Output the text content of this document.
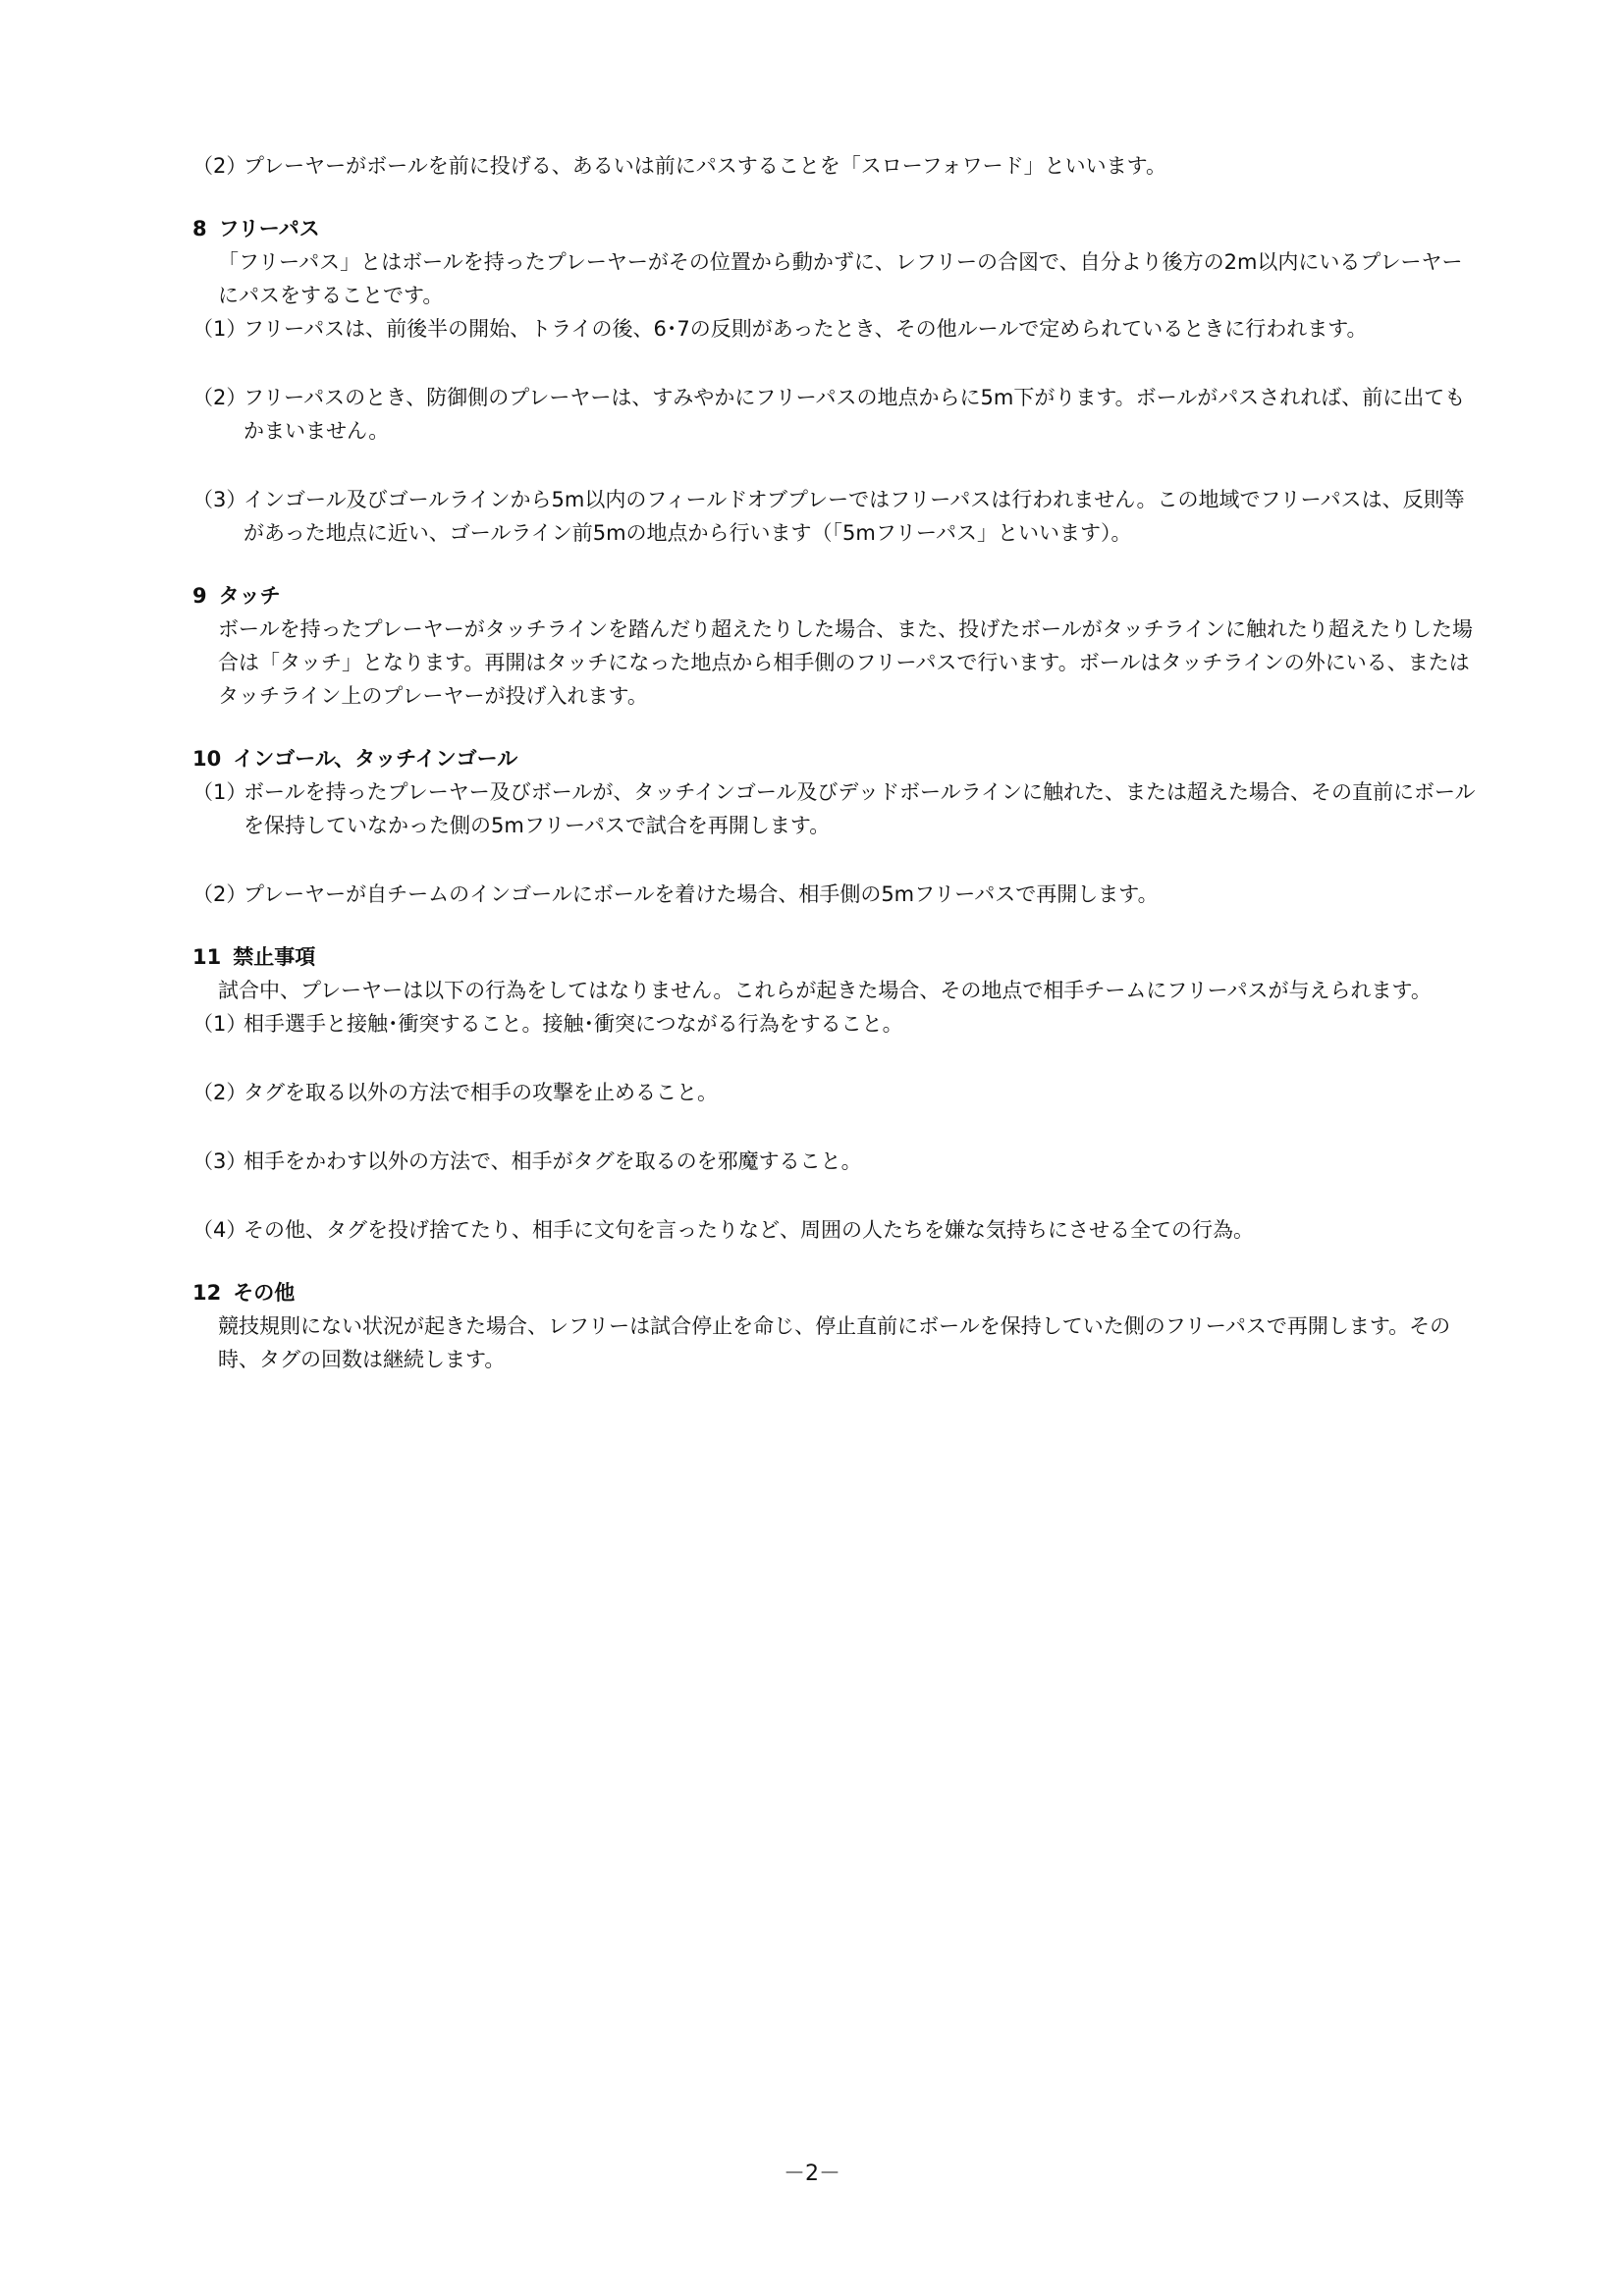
（2）
プレーヤーがボールを前に投げる、あるいは前にパスすることを「スローフォワード」といいます。
8 フリーパス
「フリーパス」とはボールを持ったプレーヤーがその位置から動かずに、レフリーの合図で、自分より後方の2m以内にいるプレーヤーにパスをすることです。
（1）
フリーパスは、前後半の開始、トライの後、6･7の反則があったとき、その他ルールで定められているときに行われます。
（2）
フリーパスのとき、防御側のプレーヤーは、すみやかにフリーパスの地点からに5m下がります。ボールがパスされれば、前に出てもかまいません。
（3）
インゴール及びゴールラインから5m以内のフィールドオブプレーではフリーパスは行われません。この地域でフリーパスは、反則等があった地点に近い、ゴールライン前5mの地点から行います（「5mフリーパス」といいます）。
9 タッチ
ボールを持ったプレーヤーがタッチラインを踏んだり超えたりした場合、また、投げたボールがタッチラインに触れたり超えたりした場合は「タッチ」となります。再開はタッチになった地点から相手側のフリーパスで行います。ボールはタッチラインの外にいる、またはタッチライン上のプレーヤーが投げ入れます。
10 インゴール、タッチインゴール
（1）
ボールを持ったプレーヤー及びボールが、タッチインゴール及びデッドボールラインに触れた、または超えた場合、その直前にボールを保持していなかった側の5mフリーパスで試合を再開します。
（2）
プレーヤーが自チームのインゴールにボールを着けた場合、相手側の5mフリーパスで再開します。
11 禁止事項
試合中、プレーヤーは以下の行為をしてはなりません。これらが起きた場合、その地点で相手チームにフリーパスが与えられます。
（1）
相手選手と接触･衝突すること。接触･衝突につながる行為をすること。
（2）
タグを取る以外の方法で相手の攻撃を止めること。
（3）
相手をかわす以外の方法で、相手がタグを取るのを邪魔すること。
（4）
その他、タグを投げ捨てたり、相手に文句を言ったりなど、周囲の人たちを嫌な気持ちにさせる全ての行為。
12 その他
競技規則にない状況が起きた場合、レフリーは試合停止を命じ、停止直前にボールを保持していた側のフリーパスで再開します。その時、タグの回数は継続します。
－2－
